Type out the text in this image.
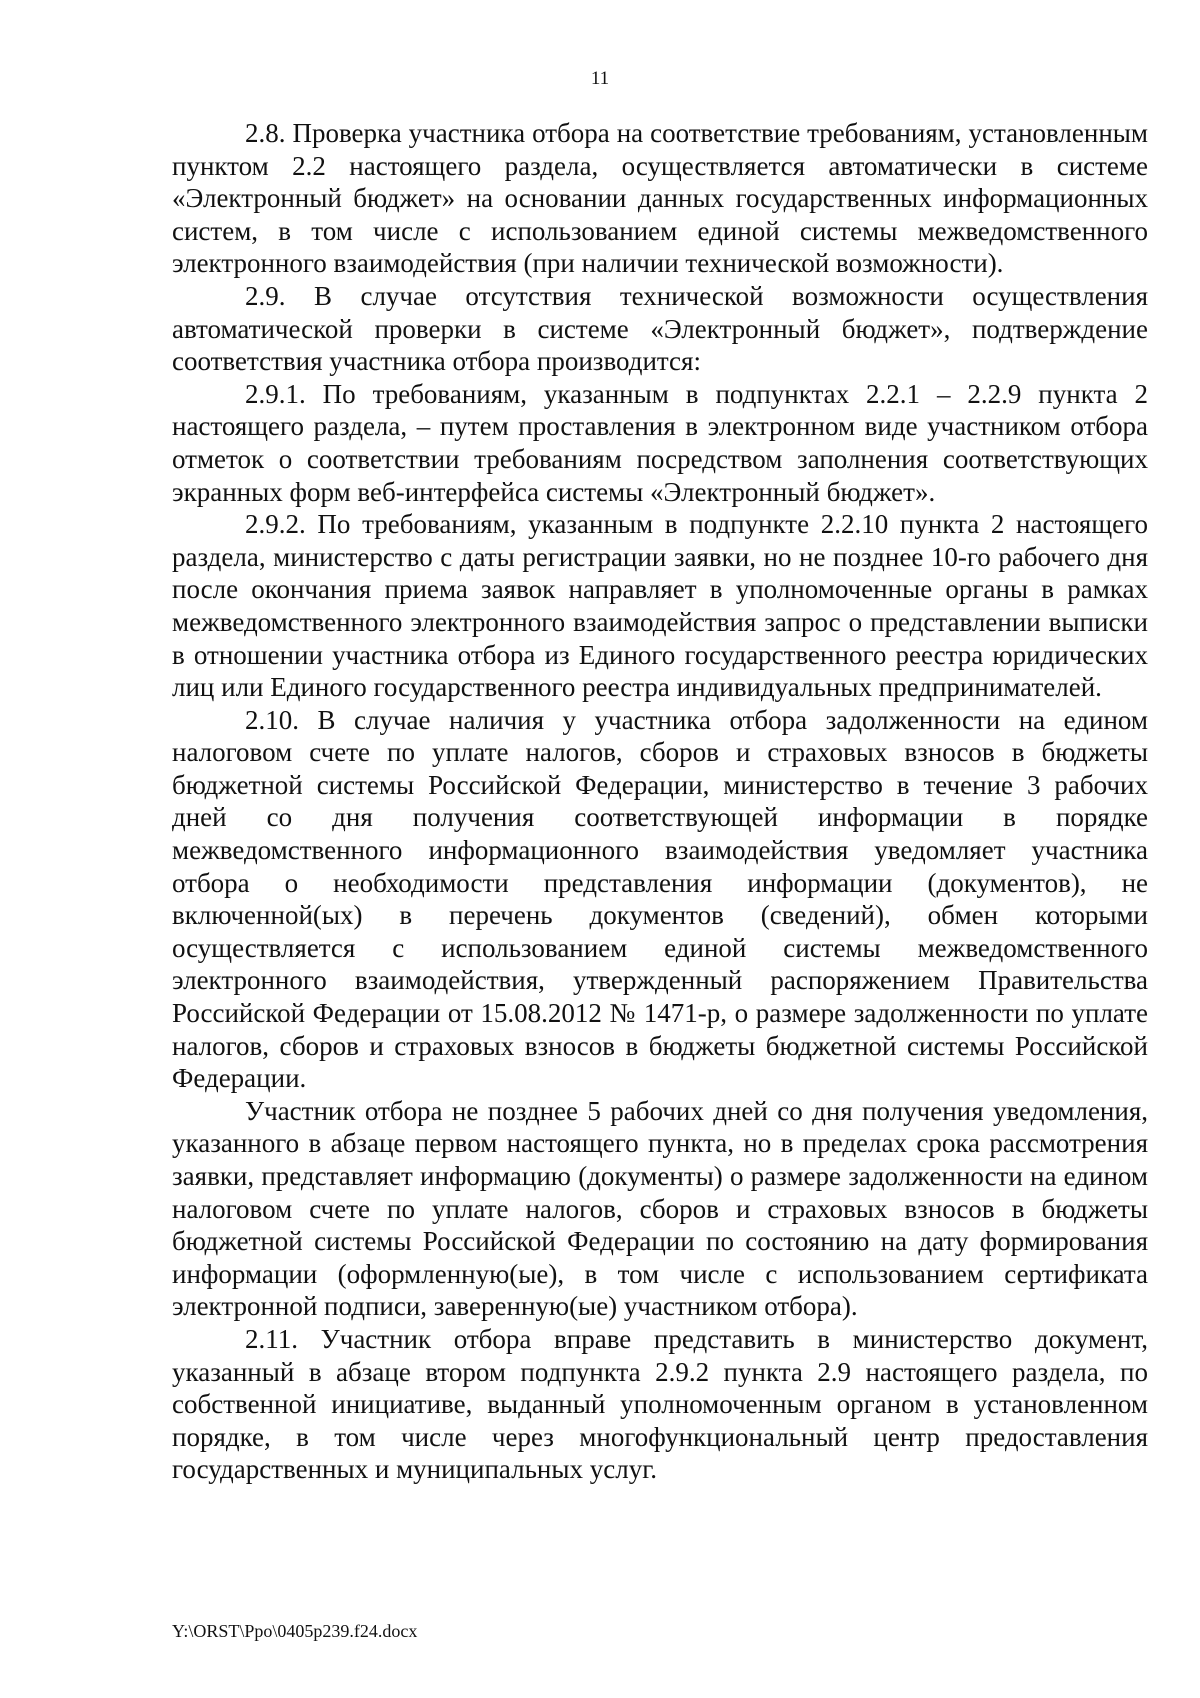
11

2.8. Проверка участника отбора на соответствие требованиям, установленным пунктом 2.2 настоящего раздела, осуществляется автоматически в системе «Электронный бюджет» на основании данных государственных информационных систем, в том числе с использованием единой системы межведомственного электронного взаимодействия (при наличии технической возможности).

2.9. В случае отсутствия технической возможности осуществления автоматической проверки в системе «Электронный бюджет», подтверждение соответствия участника отбора производится:

2.9.1. По требованиям, указанным в подпунктах 2.2.1 – 2.2.9 пункта 2 настоящего раздела, – путем проставления в электронном виде участником отбора отметок о соответствии требованиям посредством заполнения соответствующих экранных форм веб-интерфейса системы «Электронный бюджет».

2.9.2. По требованиям, указанным в подпункте 2.2.10 пункта 2 настоящего раздела, министерство с даты регистрации заявки, но не позднее 10-го рабочего дня после окончания приема заявок направляет в уполномоченные органы в рамках межведомственного электронного взаимодействия запрос о представлении выписки в отношении участника отбора из Единого государственного реестра юридических лиц или Единого государственного реестра индивидуальных предпринимателей.

2.10. В случае наличия у участника отбора задолженности на едином налоговом счете по уплате налогов, сборов и страховых взносов в бюджеты бюджетной системы Российской Федерации, министерство в течение 3 рабочих дней со дня получения соответствующей информации в порядке межведомственного информационного взаимодействия уведомляет участника отбора о необходимости представления информации (документов), не включенной(ых) в перечень документов (сведений), обмен которыми осуществляется с использованием единой системы межведомственного электронного взаимодействия, утвержденный распоряжением Правительства Российской Федерации от 15.08.2012 № 1471-р, о размере задолженности по уплате налогов, сборов и страховых взносов в бюджеты бюджетной системы Российской Федерации.

Участник отбора не позднее 5 рабочих дней со дня получения уведомления, указанного в абзаце первом настоящего пункта, но в пределах срока рассмотрения заявки, представляет информацию (документы) о размере задолженности на едином налоговом счете по уплате налогов, сборов и страховых взносов в бюджеты бюджетной системы Российской Федерации по состоянию на дату формирования информации (оформленную(ые), в том числе с использованием сертификата электронной подписи, заверенную(ые) участником отбора).

2.11. Участник отбора вправе представить в министерство документ, указанный в абзаце втором подпункта 2.9.2 пункта 2.9 настоящего раздела, по собственной инициативе, выданный уполномоченным органом в установленном порядке, в том числе через многофункциональный центр предоставления государственных и муниципальных услуг.

Y:\ORST\Ppo\0405p239.f24.docx
